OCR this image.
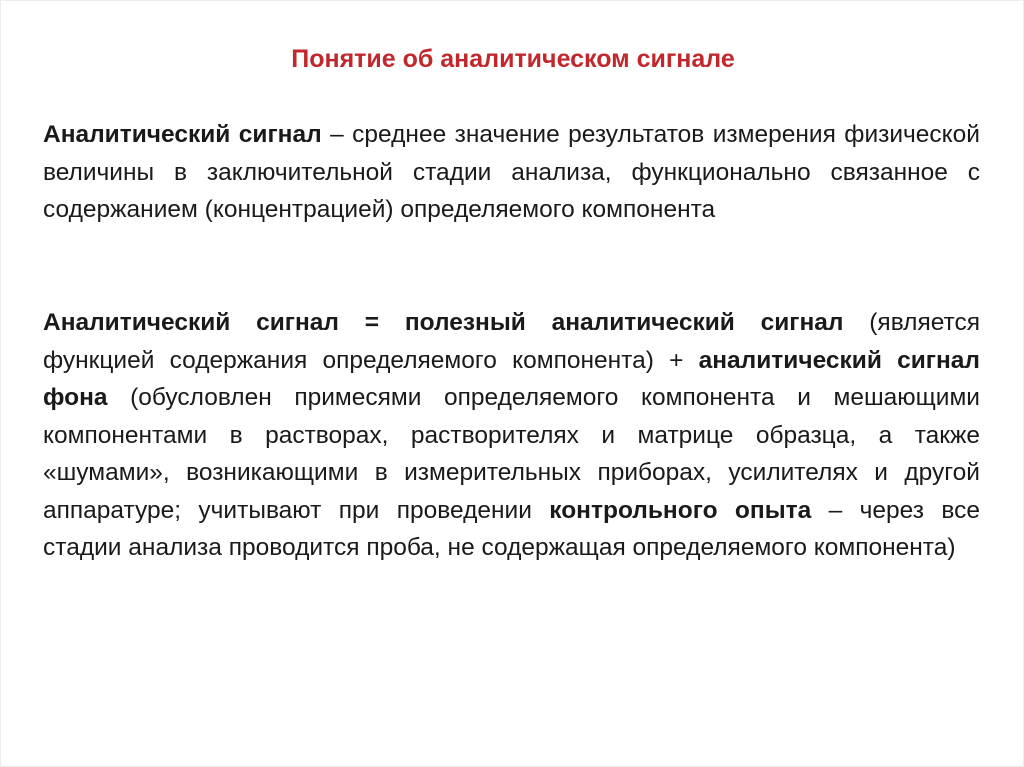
Понятие об аналитическом сигнале

Аналитический сигнал – среднее значение результатов измерения физической величины в заключительной стадии анализа, функционально связанное с содержанием (концентрацией) определяемого компонента

Аналитический сигнал = полезный аналитический сигнал (является функцией содержания определяемого компонента) + аналитический сигнал фона (обусловлен примесями определяемого компонента и мешающими компонентами в растворах, растворителях и матрице образца, а также «шумами», возникающими в измерительных приборах, усилителях и другой аппаратуре; учитывают при проведении контрольного опыта – через все стадии анализа проводится проба, не содержащая определяемого компонента)
